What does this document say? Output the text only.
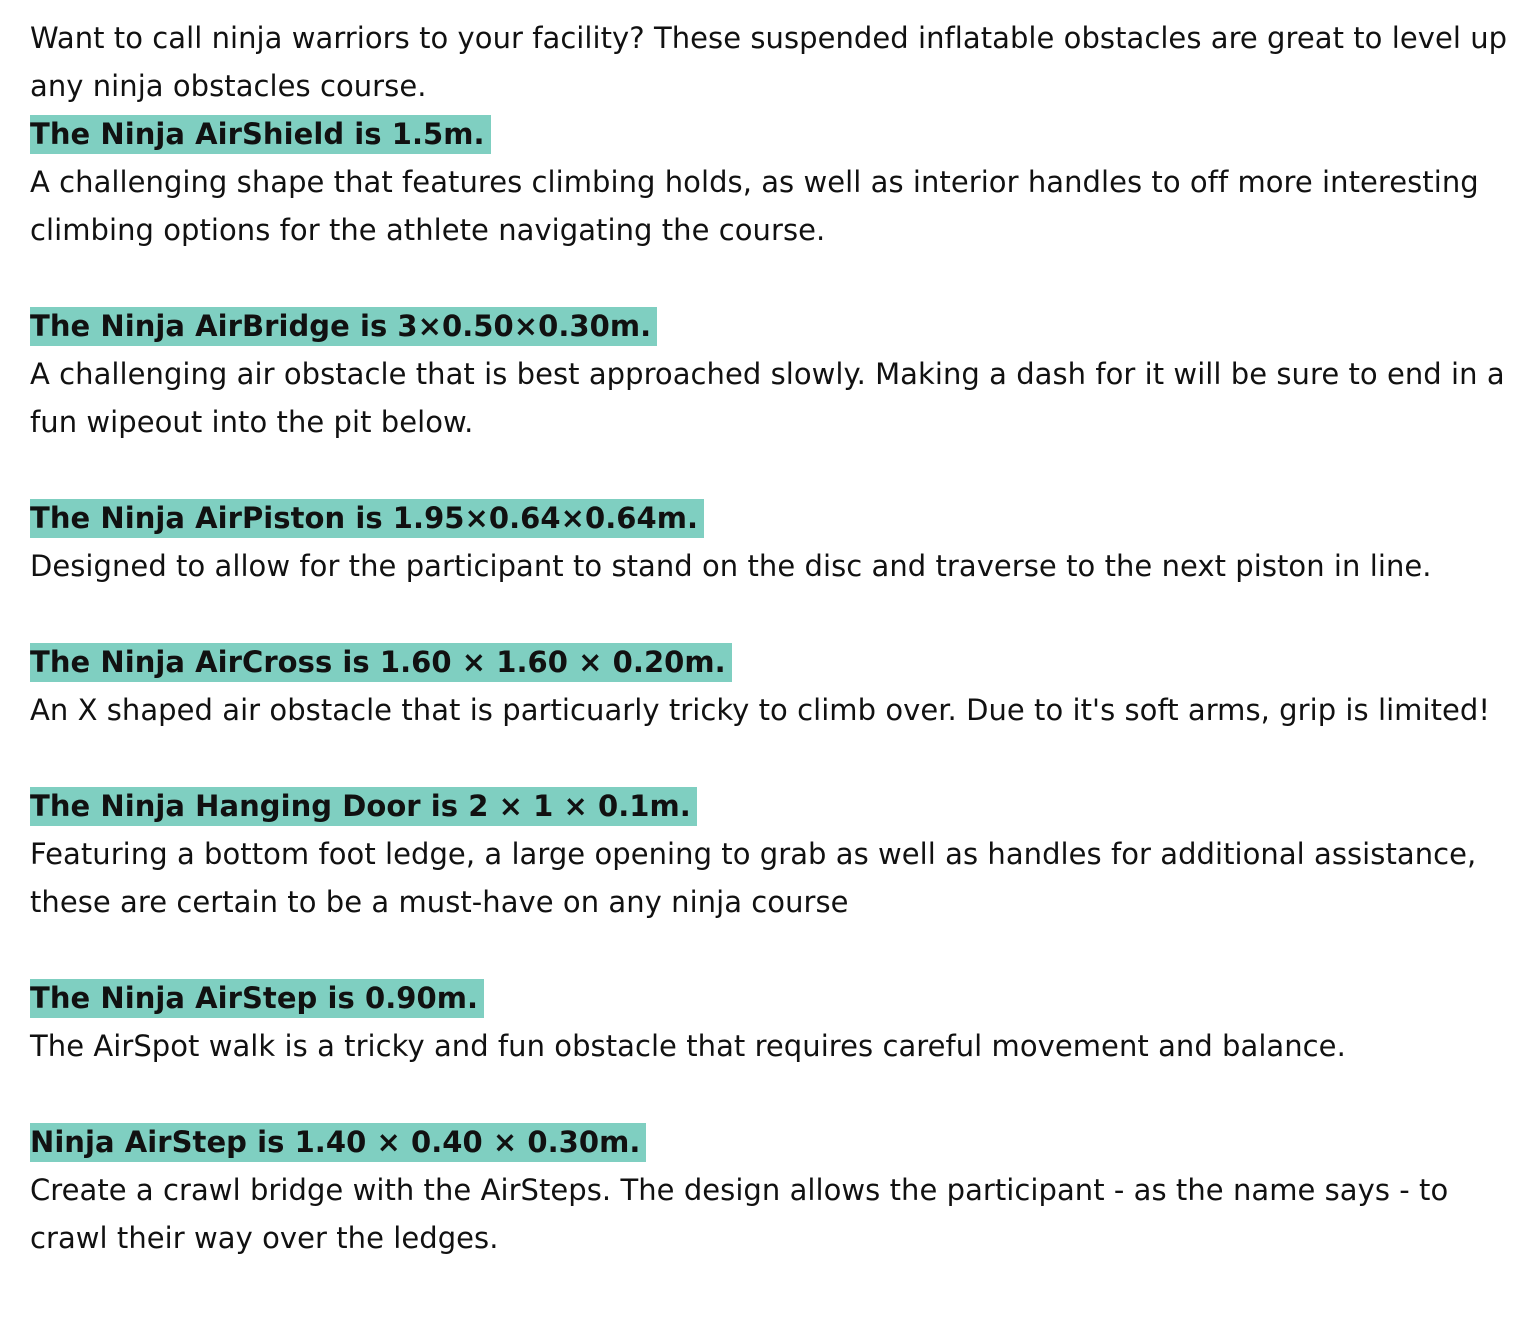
Want to call ninja warriors to your facility? These suspended inflatable obstacles are great to level up any ninja obstacles course.

The Ninja AirShield is 1.5m.

A challenging shape that features climbing holds, as well as interior handles to off more interesting climbing options for the athlete navigating the course.

The Ninja AirBridge is 3×0.50×0.30m.

A challenging air obstacle that is best approached slowly. Making a dash for it will be sure to end in a fun wipeout into the pit below.

The Ninja AirPiston is 1.95×0.64×0.64m.

Designed to allow for the participant to stand on the disc and traverse to the next piston in line.

The Ninja AirCross is 1.60 × 1.60 × 0.20m.

An X shaped air obstacle that is particuarly tricky to climb over. Due to it's soft arms, grip is limited!

The Ninja Hanging Door is 2 × 1 × 0.1m.

Featuring a bottom foot ledge, a large opening to grab as well as handles for additional assistance, these are certain to be a must-have on any ninja course

The Ninja AirStep is 0.90m.

The AirSpot walk is a tricky and fun obstacle that requires careful movement and balance.

Ninja AirStep is 1.40 × 0.40 × 0.30m.

Create a crawl bridge with the AirSteps. The design allows the participant - as the name says - to crawl their way over the ledges.
